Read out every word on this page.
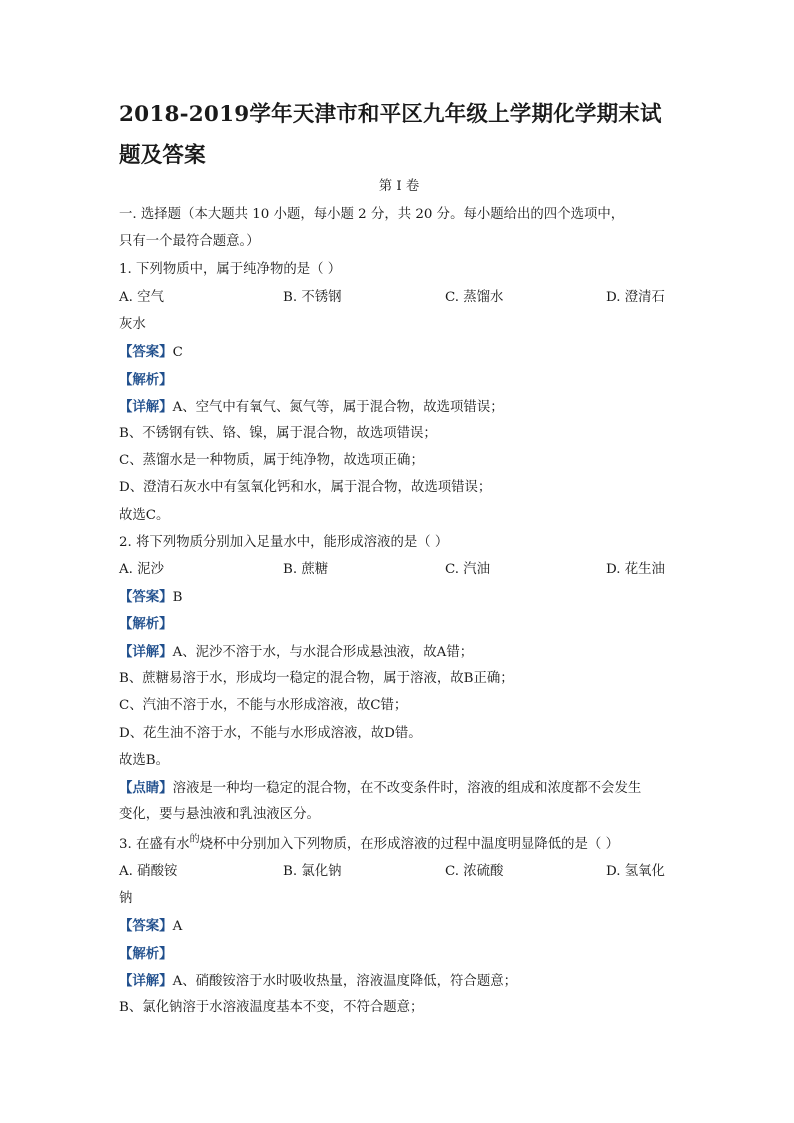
2018-2019学年天津市和平区九年级上学期化学期末试题及答案
第 I 卷
一. 选择题（本大题共 10 小题，每小题 2 分，共 20 分。每小题给出的四个选项中，
只有一个最符合题意。）
1. 下列物质中，属于纯净物的是（ ）
A. 空气	B. 不锈钢	C. 蒸馏水	D. 澄清石
灰水
【答案】C
【解析】
【详解】A、空气中有氧气、氮气等，属于混合物，故选项错误；
B、不锈钢有铁、铬、镍，属于混合物，故选项错误；
C、蒸馏水是一种物质，属于纯净物，故选项正确；
D、澄清石灰水中有氢氧化钙和水，属于混合物，故选项错误；
故选C。
2. 将下列物质分别加入足量水中，能形成溶液的是（ ）
A. 泥沙	B. 蔗糖	C. 汽油	D. 花生油
【答案】B
【解析】
【详解】A、泥沙不溶于水，与水混合形成悬浊液，故A错；
B、蔗糖易溶于水，形成均一稳定的混合物，属于溶液，故B正确；
C、汽油不溶于水，不能与水形成溶液，故C错；
D、花生油不溶于水，不能与水形成溶液，故D错。
故选B。
【点睛】溶液是一种均一稳定的混合物，在不改变条件时，溶液的组成和浓度都不会发生
变化，要与悬浊液和乳浊液区分。
3. 在盛有水$^的$烧杯中分别加入下列物质，在形成溶液的过程中温度明显降低的是（ ）
A. 硝酸铵	B. 氯化钠	C. 浓硫酸	D. 氢氧化
钠
【答案】A
【解析】
【详解】A、硝酸铵溶于水时吸收热量，溶液温度降低，符合题意；
B、氯化钠溶于水溶液温度基本不变，不符合题意；
